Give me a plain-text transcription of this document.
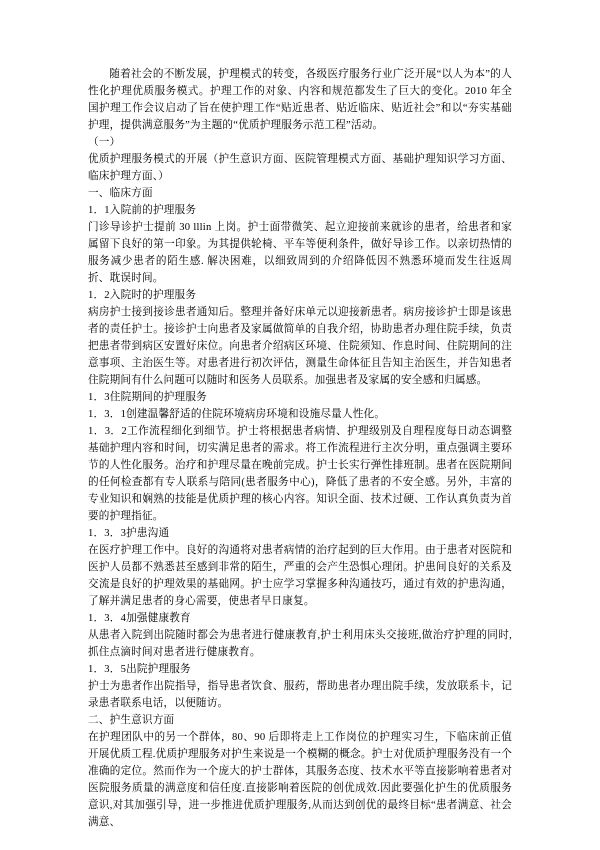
随着社会的不断发展，护理模式的转变，各级医疗服务行业广泛开展“以人为本”的人性化护理优质服务模式。护理工作的对象、内容和规范都发生了巨大的变化。2010 年全国护理工作会议启动了旨在使护理工作“贴近患者、贴近临床、贴近社会”和以“夯实基础护理，提供满意服务”为主题的“优质护理服务示范工程”活动。

（一）

优质护理服务模式的开展（护生意识方面、医院管理模式方面、基础护理知识学习方面、临床护理方面、）

一、临床方面

1．1入院前的护理服务

门诊导诊护士提前 30 lllin 上岗。护士面带微笑、起立迎接前来就诊的患者，给患者和家属留下良好的第一印象。为其提供轮椅、平车等便利条件，做好导诊工作。以亲切热情的服务减少患者的陌生感. 解决困难，以细致周到的介绍降低因不熟悉环境而发生往返周折、耽误时间。

1．2入院时的护理服务

病房护士接到接诊患者通知后。整理并备好床单元以迎接新患者。病房接诊护士即是该患者的责任护士。接诊护士向患者及家属做简单的自我介绍，协助患者办理住院手续，负责把患者带到病区安置好床位。向患者介绍病区环境、住院须知、作息时间、住院期间的注意事项、主治医生等。对患者进行初次评估，测量生命体征且告知主治医生，并告知患者住院期间有什么问题可以随时和医务人员联系。加强患者及家属的安全感和归属感。

1．3住院期间的护理服务

1．3．1创建温馨舒适的住院环境病房环境和设施尽量人性化。

1．3．2工作流程细化到细节。护士将根据患者病情、护理级别及自理程度每日动态调整基础护理内容和时间，切实满足患者的需求。将工作流程进行主次分明，重点强调主要环节的人性化服务。治疗和护理尽量在晚前完成。护士长实行弹性排班制。患者在医院期间的任何检查都有专人联系与陪同(患者服务中心)，降低了患者的不安全感。另外，丰富的专业知识和娴熟的技能是优质护理的核心内容。知识全面、技术过硬、工作认真负责为首要的护理指征。

1．3．3护患沟通

在医疗护理工作中。良好的沟通将对患者病情的治疗起到的巨大作用。由于患者对医院和医护人员都不熟悉甚至感到非常的陌生，严重的会产生恐惧心理闭。护患间良好的关系及交流是良好的护理效果的基础网。护士应学习掌握多种沟通技巧，通过有效的护患沟通，了解并满足患者的身心需要，使患者早日康复。

1．3．4加强健康教育

从患者入院到出院随时都会为患者进行健康教育,护士利用床头交接班,做治疗护理的同时,抓住点滴时间对患者进行健康教育。

1．3．5出院护理服务

护士为患者作出院指导，指导患者饮食、服药，帮助患者办理出院手续，发放联系卡，记录患者联系电话，以便随访。

二、护生意识方面

在护理团队中的另一个群体，80、90 后即将走上工作岗位的护理实习生，下临床前正值开展优质工程.优质护理服务对护生来说是一个模糊的概念。护士对优质护理服务没有一个准确的定位。然而作为一个庞大的护士群体，其服务态度、技术水平等直接影响着患者对医院服务质量的满意度和信任度.直接影响着医院的创优成效.因此要强化护生的优质服务意识,对其加强引导，进一步推进优质护理服务,从而达到创优的最终目标“患者满意、社会满意、
